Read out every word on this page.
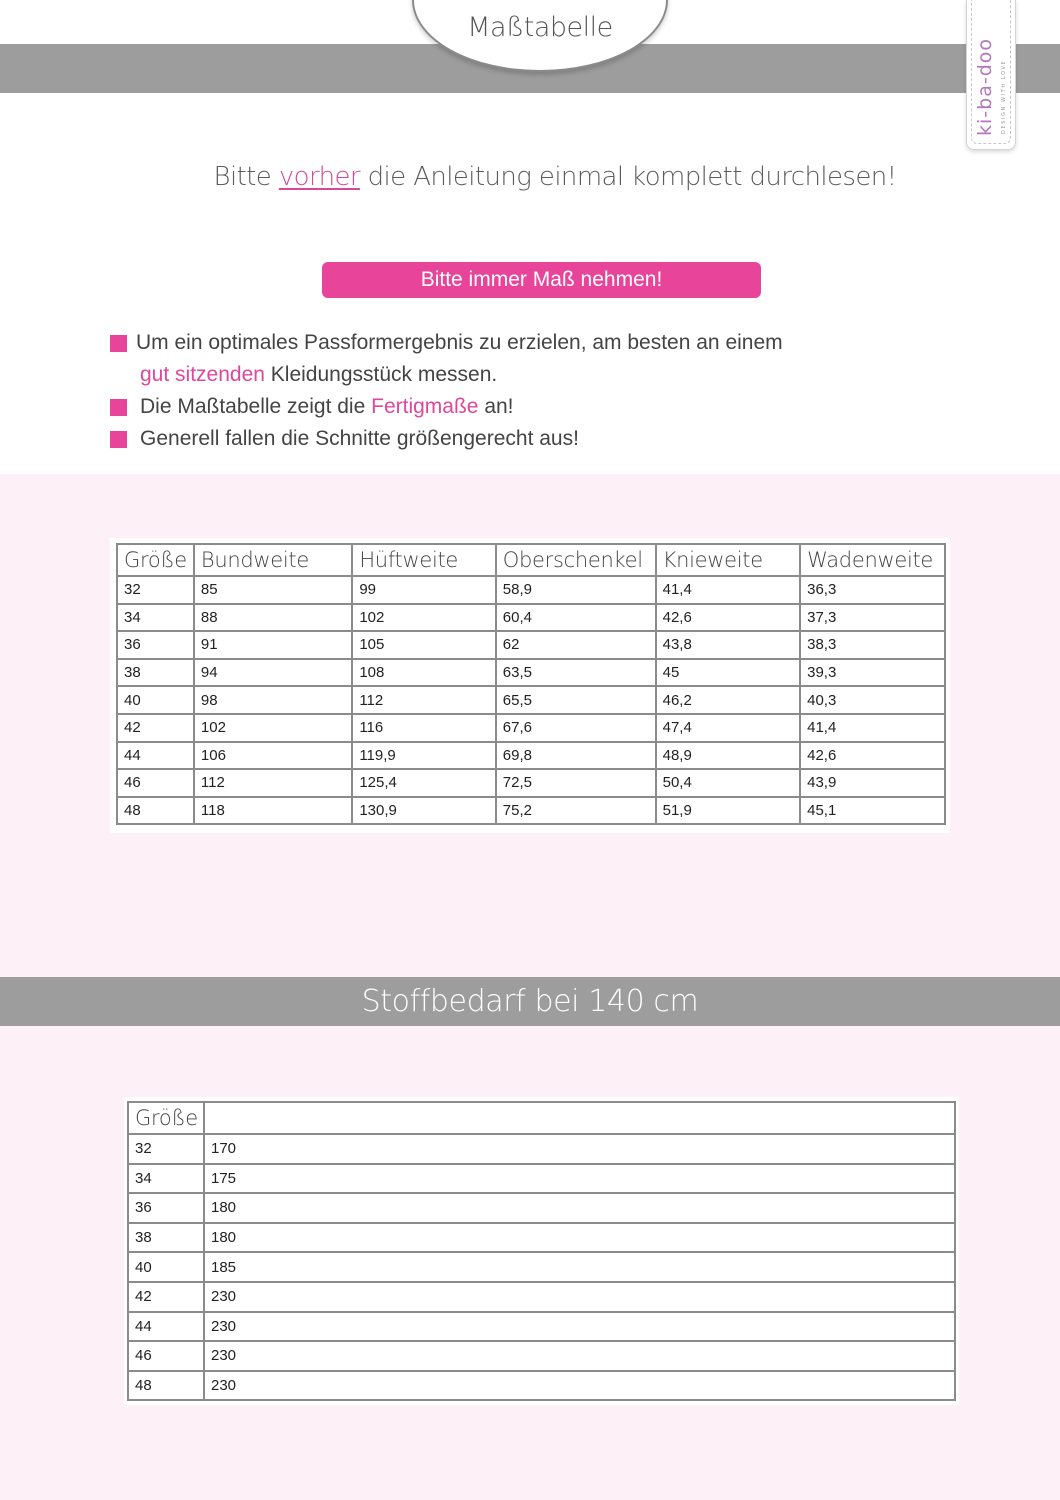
Maßtabelle
ki-ba-doo DESIGN WITH LOVE
Bitte vorher die Anleitung einmal komplett durchlesen!
Bitte immer Maß nehmen!
Um ein optimales Passformergebnis zu erzielen, am besten an einem
gut sitzenden Kleidungsstück messen.
Die Maßtabelle zeigt die Fertigmaße an!
Generell fallen die Schnitte größengerecht aus!
Größe	Bundweite	Hüftweite	Oberschenkel	Knieweite	Wadenweite
32	85	99	58,9	41,4	36,3
34	88	102	60,4	42,6	37,3
36	91	105	62	43,8	38,3
38	94	108	63,5	45	39,3
40	98	112	65,5	46,2	40,3
42	102	116	67,6	47,4	41,4
44	106	119,9	69,8	48,9	42,6
46	112	125,4	72,5	50,4	43,9
48	118	130,9	75,2	51,9	45,1
Stoffbedarf bei 140 cm
Größe	
32	170
34	175
36	180
38	180
40	185
42	230
44	230
46	230
48	230
